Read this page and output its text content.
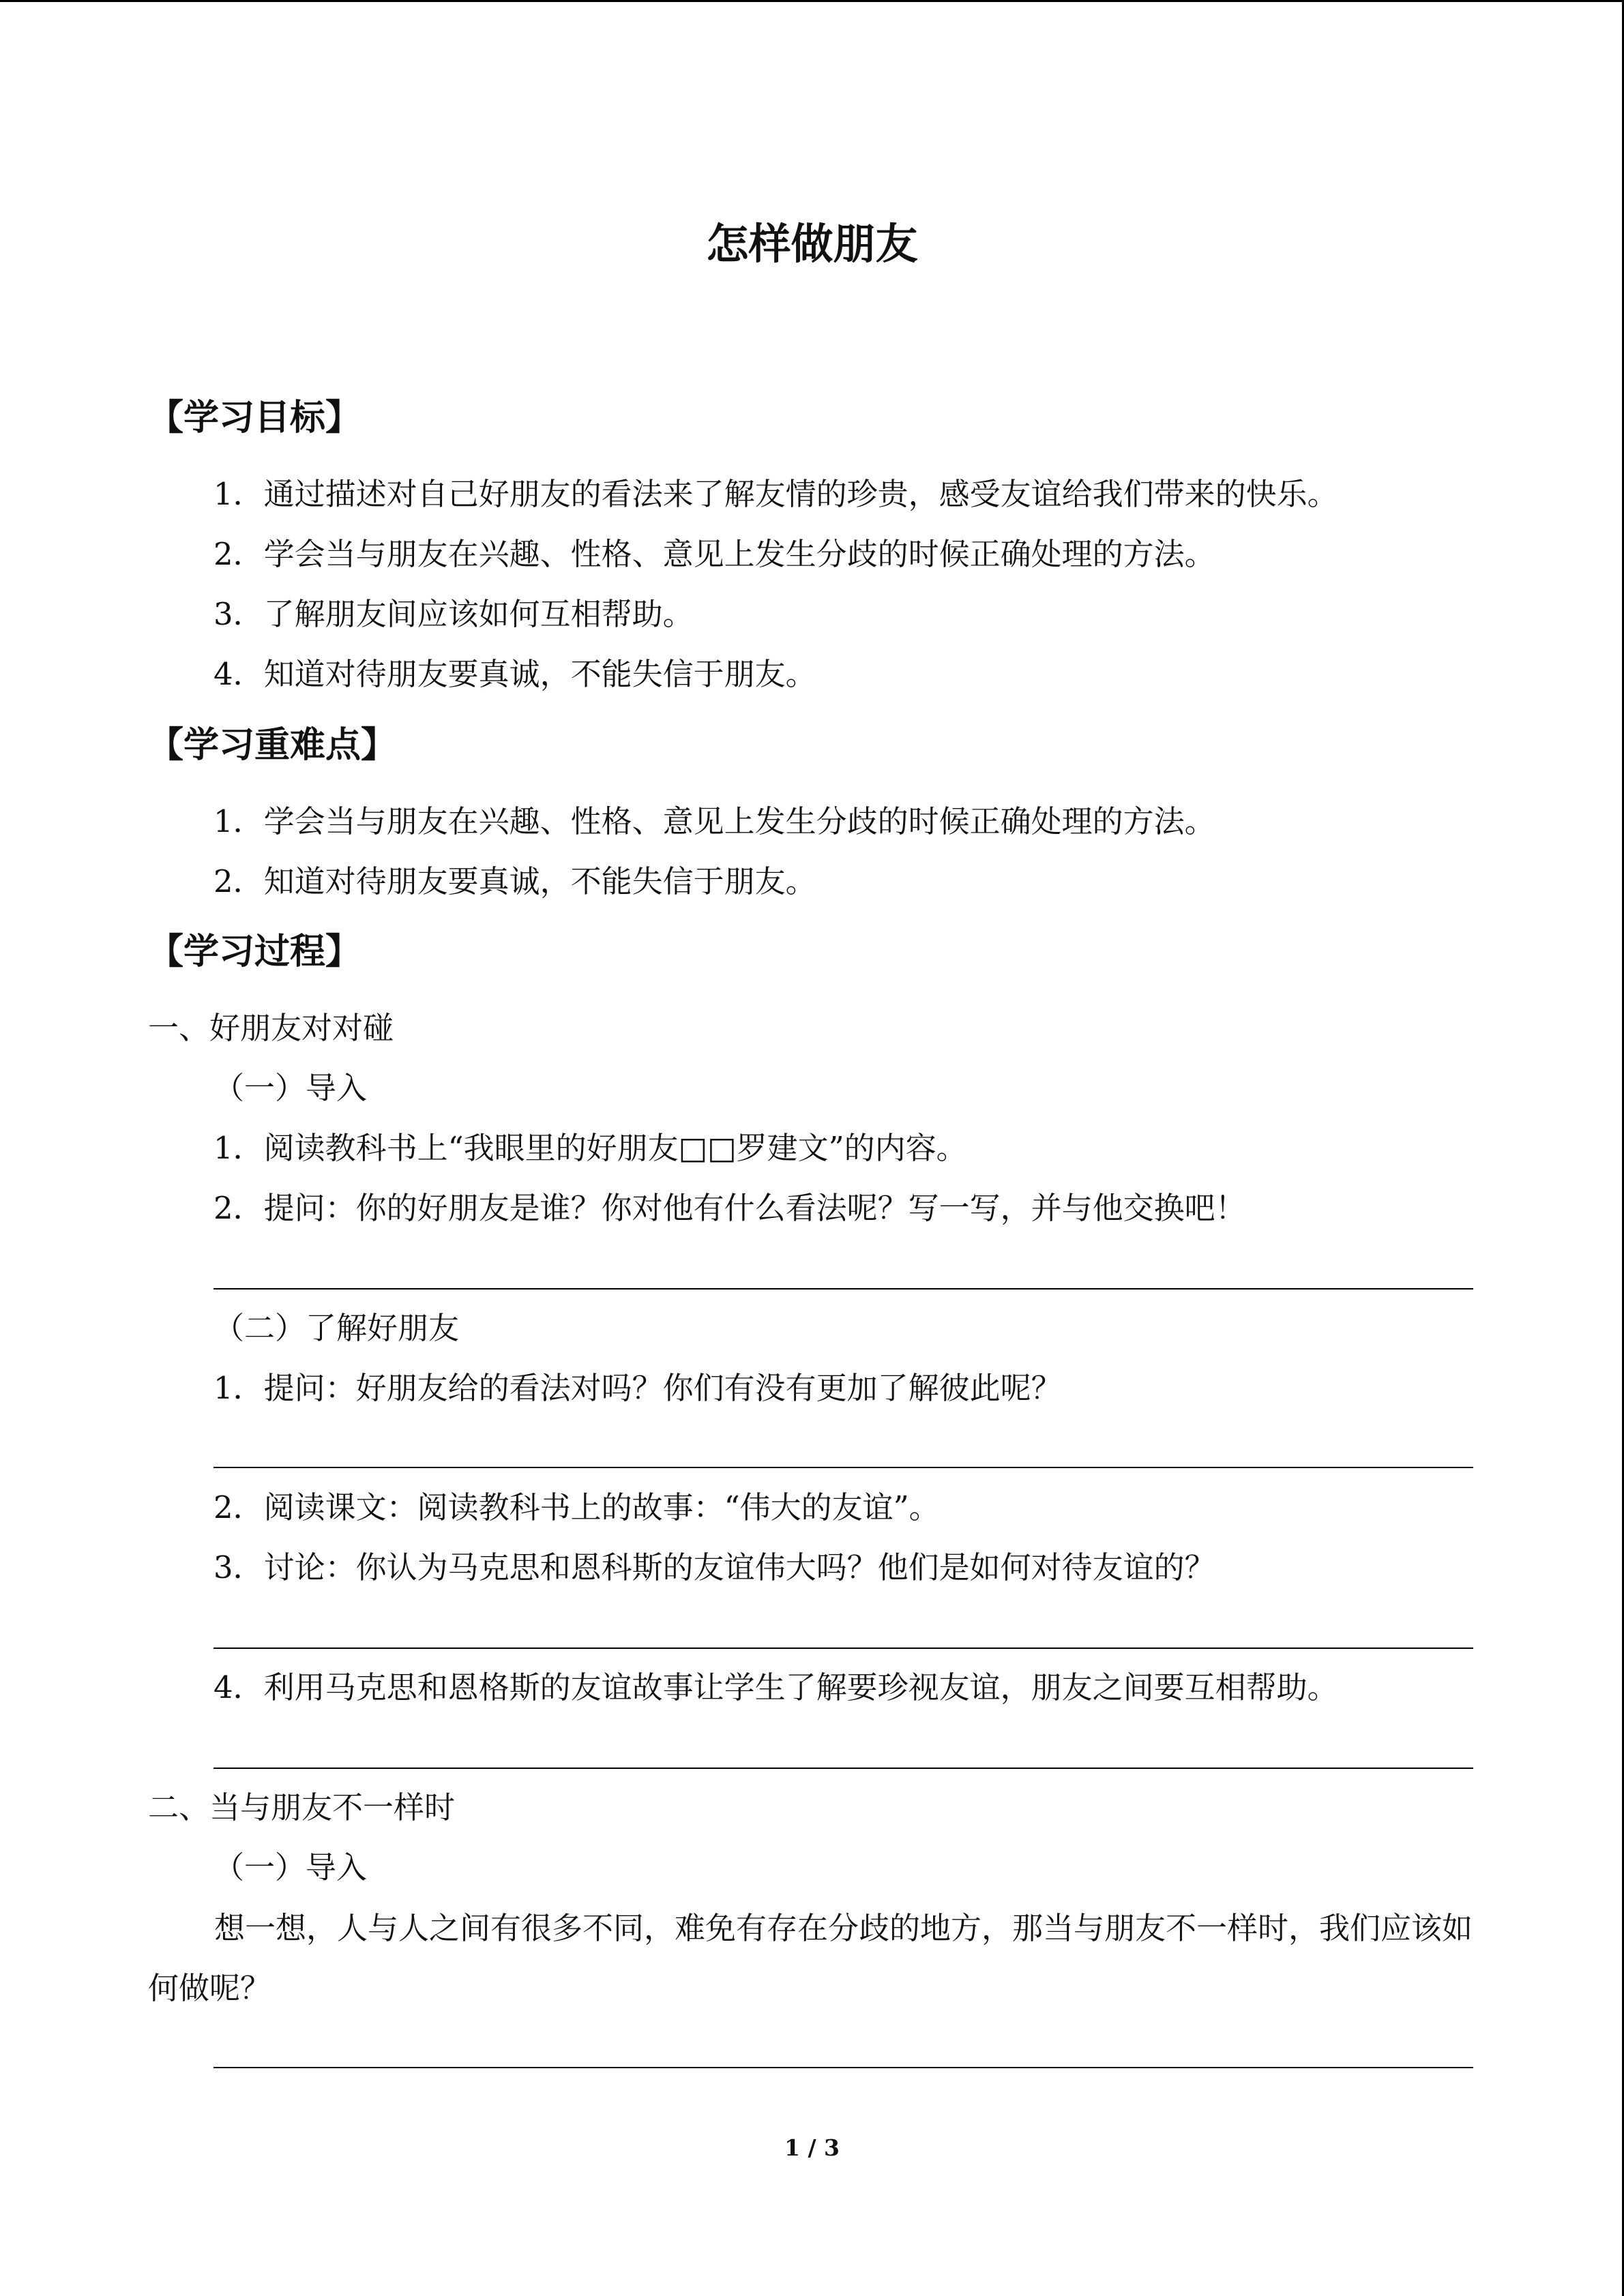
怎样做朋友
【学习目标】
1．通过描述对自己好朋友的看法来了解友情的珍贵，感受友谊给我们带来的快乐。
2．学会当与朋友在兴趣、性格、意见上发生分歧的时候正确处理的方法。
3．了解朋友间应该如何互相帮助。
4．知道对待朋友要真诚，不能失信于朋友。
【学习重难点】
1．学会当与朋友在兴趣、性格、意见上发生分歧的时候正确处理的方法。
2．知道对待朋友要真诚，不能失信于朋友。
【学习过程】
一、好朋友对对碰
（一）导入
1．阅读教科书上“我眼里的好朋友□□罗建文”的内容。
2．提问：你的好朋友是谁？你对他有什么看法呢？写一写，并与他交换吧！
（二）了解好朋友
1．提问：好朋友给的看法对吗？你们有没有更加了解彼此呢？
2．阅读课文：阅读教科书上的故事：“伟大的友谊”。
3．讨论：你认为马克思和恩科斯的友谊伟大吗？他们是如何对待友谊的？
4．利用马克思和恩格斯的友谊故事让学生了解要珍视友谊，朋友之间要互相帮助。
二、当与朋友不一样时
（一）导入
想一想，人与人之间有很多不同，难免有存在分歧的地方，那当与朋友不一样时，我们应该如何做呢？
1 / 3
